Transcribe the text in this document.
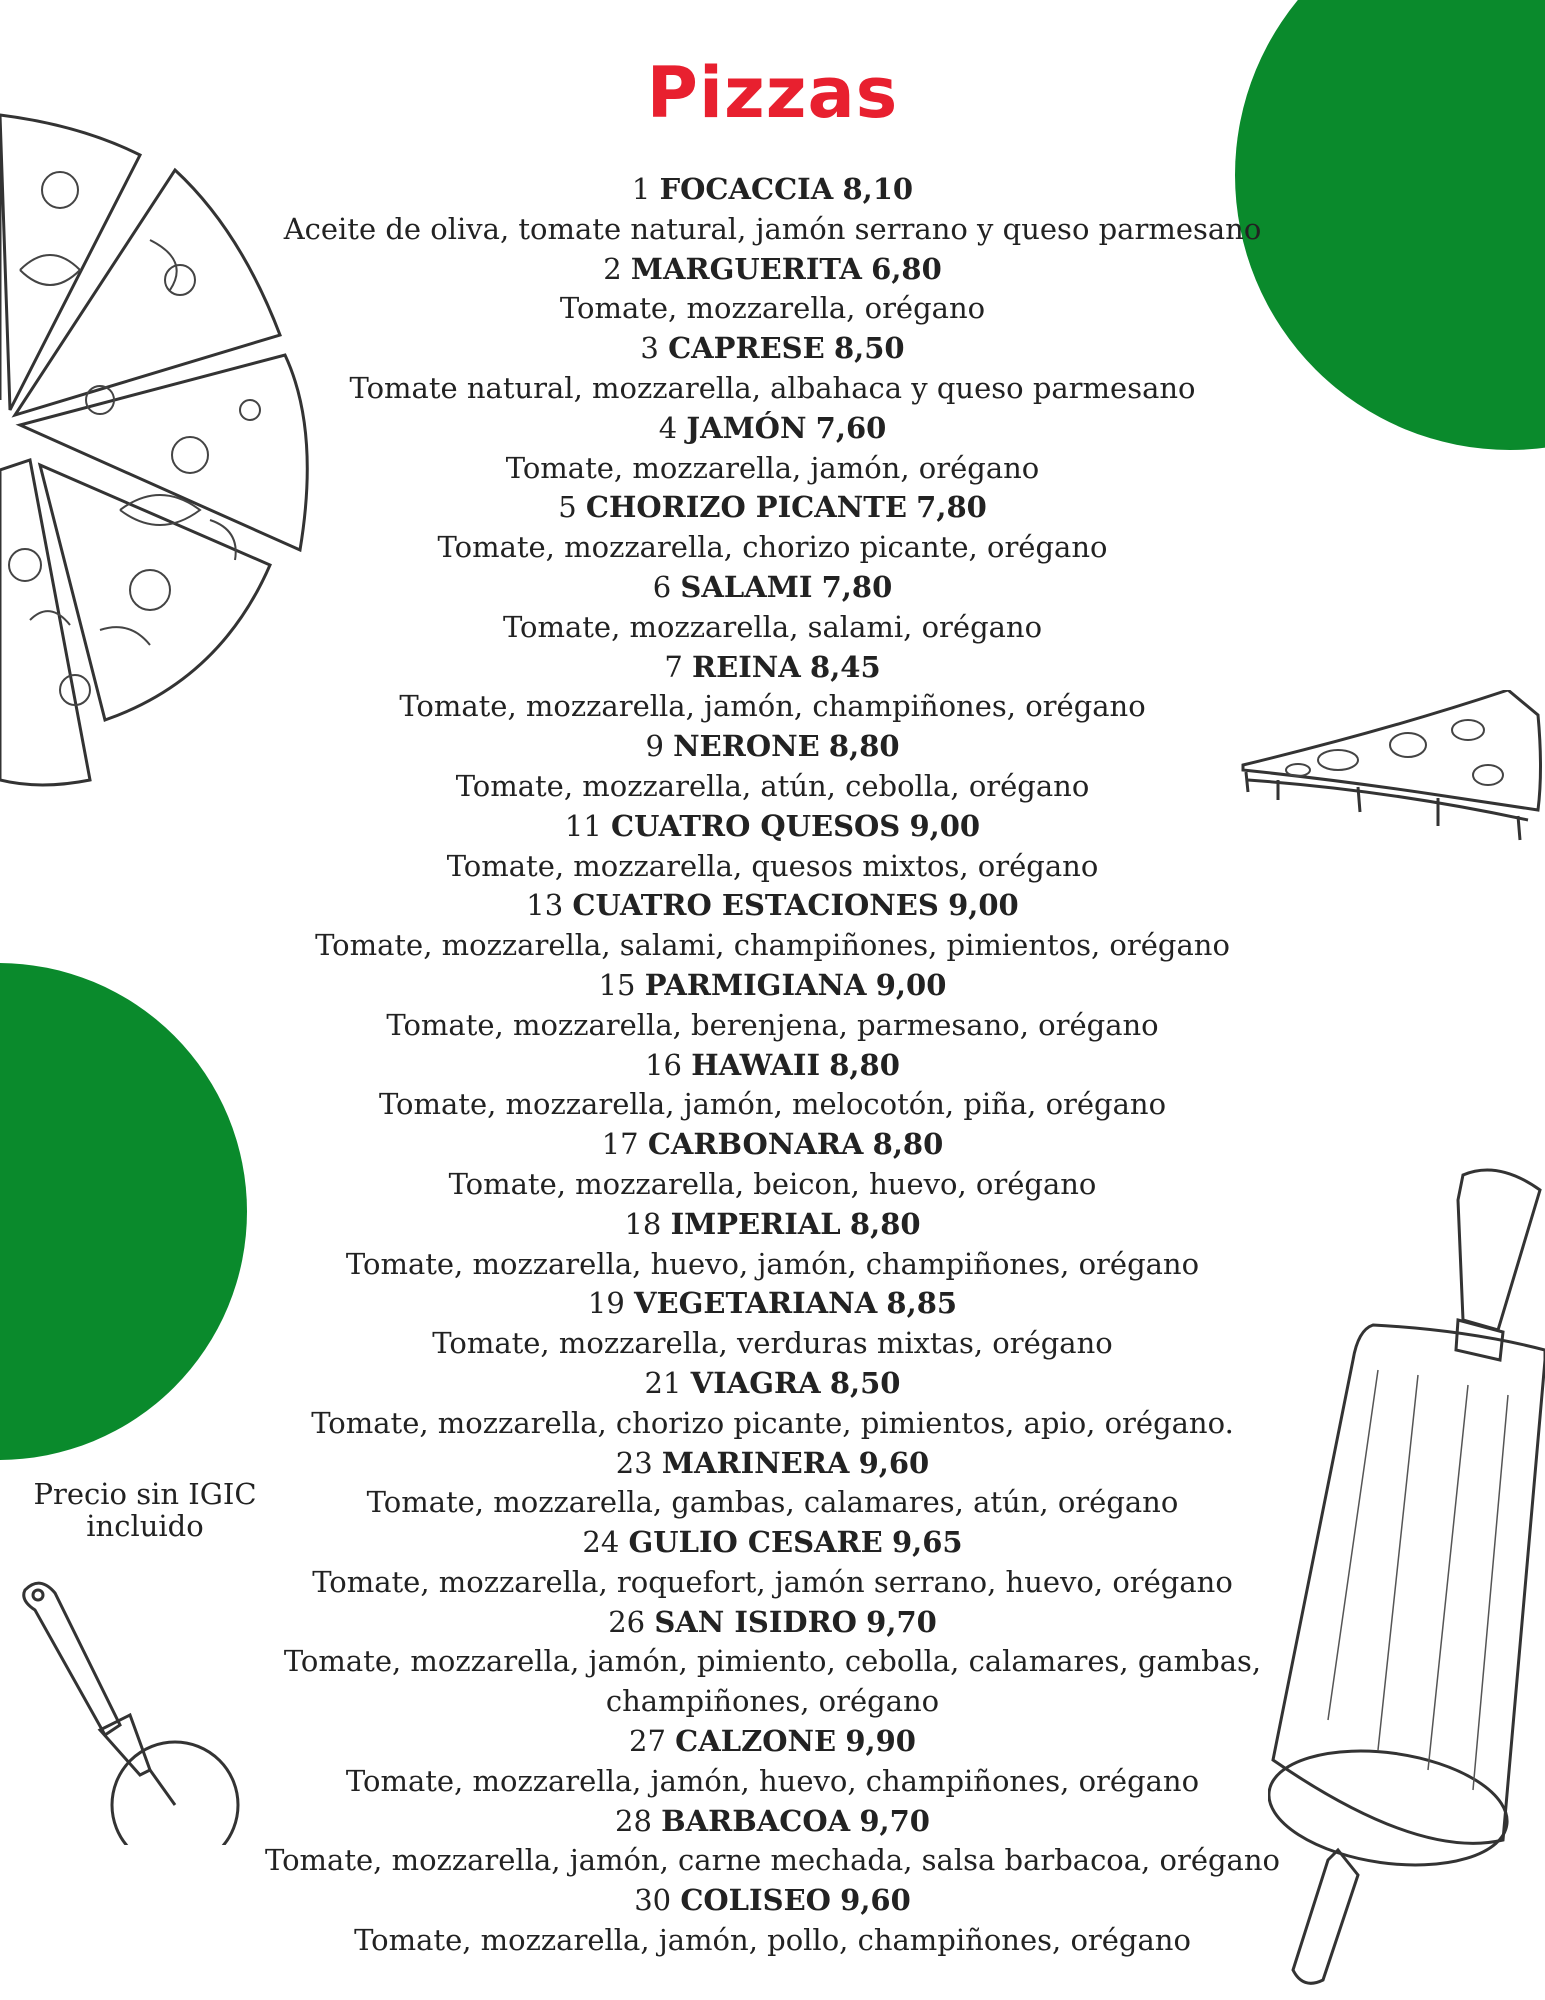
Pizzas
1 FOCACCIA 8,10
Aceite de oliva, tomate natural, jamón serrano y queso parmesano
2 MARGUERITA 6,80
Tomate, mozzarella, orégano
3 CAPRESE 8,50
Tomate natural, mozzarella, albahaca y queso parmesano
4 JAMÓN 7,60
Tomate, mozzarella, jamón, orégano
5 CHORIZO PICANTE 7,80
Tomate, mozzarella, chorizo picante, orégano
6 SALAMI 7,80
Tomate, mozzarella, salami, orégano
7 REINA 8,45
Tomate, mozzarella, jamón, champiñones, orégano
9 NERONE 8,80
Tomate, mozzarella, atún, cebolla, orégano
11 CUATRO QUESOS 9,00
Tomate, mozzarella, quesos mixtos, orégano
13 CUATRO ESTACIONES 9,00
Tomate, mozzarella, salami, champiñones, pimientos, orégano
15 PARMIGIANA 9,00
Tomate, mozzarella, berenjena, parmesano, orégano
16 HAWAII 8,80
Tomate, mozzarella, jamón, melocotón, piña, orégano
17 CARBONARA 8,80
Tomate, mozzarella, beicon, huevo, orégano
18 IMPERIAL 8,80
Tomate, mozzarella, huevo, jamón, champiñones, orégano
19 VEGETARIANA 8,85
Tomate, mozzarella, verduras mixtas, orégano
21 VIAGRA 8,50
Tomate, mozzarella, chorizo picante, pimientos, apio, orégano.
23 MARINERA 9,60
Tomate, mozzarella, gambas, calamares, atún, orégano
24 GULIO CESARE 9,65
Tomate, mozzarella, roquefort, jamón serrano, huevo, orégano
26 SAN ISIDRO 9,70
Tomate, mozzarella, jamón, pimiento, cebolla, calamares, gambas,
champiñones, orégano
27 CALZONE 9,90
Tomate, mozzarella, jamón, huevo, champiñones, orégano
28 BARBACOA 9,70
Tomate, mozzarella, jamón, carne mechada, salsa barbacoa, orégano
30 COLISEO 9,60
Tomate, mozzarella, jamón, pollo, champiñones, orégano
Precio sin IGIC
incluido
